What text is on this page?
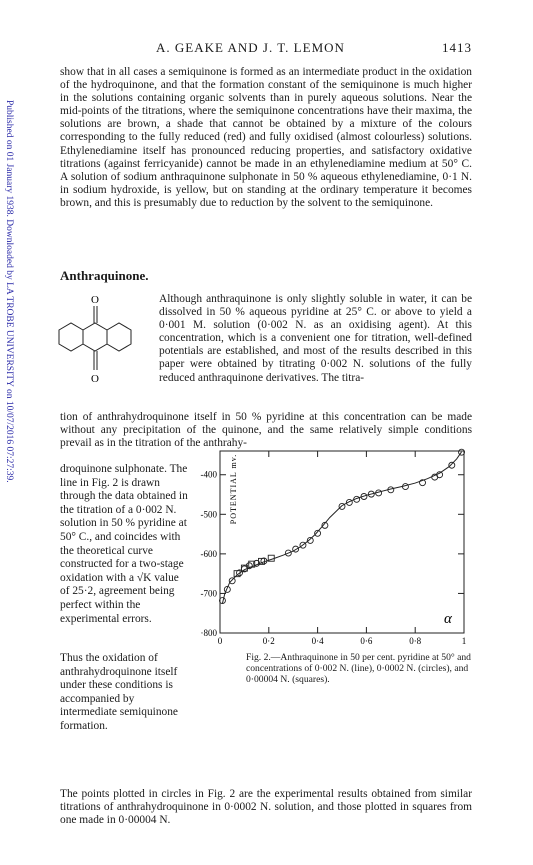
Published on 01 January 1938. Downloaded by LA TROBE UNIVERSITY on 10/07/2016 07:27:39.
A. GEAKE AND J. T. LEMON	1413
show that in all cases a semiquinone is formed as an intermediate product in the oxidation of the hydroquinone, and that the formation constant of the semiquinone is much higher in the solutions containing organic solvents than in purely aqueous solutions. Near the mid-points of the titrations, where the semiquinone concentrations have their maxima, the solutions are brown, a shade that cannot be obtained by a mixture of the colours corresponding to the fully reduced (red) and fully oxidised (almost colourless) solutions. Ethylenediamine itself has pronounced reducing properties, and satisfactory oxidative titrations (against ferricyanide) cannot be made in an ethylenediamine medium at 50° C. A solution of sodium anthraquinone sulphonate in 50 % aqueous ethylenediamine, 0·1 N. in sodium hydroxide, is yellow, but on standing at the ordinary temperature it becomes brown, and this is presumably due to reduction by the solvent to the semiquinone.
Anthraquinone.
O
O
Although anthraquinone is only slightly soluble in water, it can be dissolved in 50 % aqueous pyridine at 25° C. or above to yield a 0·001 M. solution (0·002 N. as an oxidising agent). At this concentration, which is a convenient one for titration, well-defined potentials are established, and most of the results described in this paper were obtained by titrating 0·002 N. solutions of the fully reduced anthraquinone derivatives. The titra-
tion of anthrahydroquinone itself in 50 % pyridine at this concentration can be made without any precipitation of the quinone, and the same relatively simple conditions prevail as in the titration of the anthrahy-
droquinone sulphonate. The line in Fig. 2 is drawn through the data obtained in the titration of a 0·002 N. solution in 50 % pyridine at 50° C., and coincides with the theoretical curve constructed for a two-stage oxidation with a √K value of 25·2, agreement being perfect within the experimental errors.
0	0·2	0·4	0·6	0·8	1
-400
-500
-600
-700
·800
POTENTIAL mv.
α
Fig. 2.—Anthraquinone in 50 per cent. pyridine at 50° and concentrations of 0·002 N. (line), 0·0002 N. (circles), and 0·00004 N. (squares).
Thus the oxidation of anthrahydroquinone itself under these conditions is accompanied by intermediate semiquinone formation.
The points plotted in circles in Fig. 2 are the experimental results obtained from similar titrations of anthrahydroquinone in 0·0002 N. solution, and those plotted in squares from one made in 0·00004 N.
